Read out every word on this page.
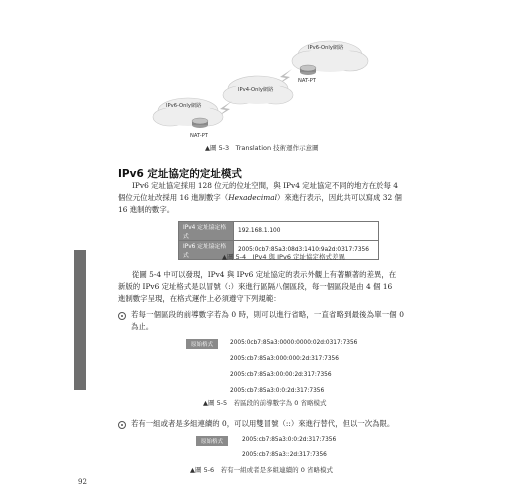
IPv6-Only網路
NAT-PT
IPv4-Only網路
IPv6-Only網路
NAT-PT
▲圖 5-3　Translation 技術運作示意圖
IPv6 定址協定的定址模式
IPv6 定址協定採用 128 位元的位址空間，與 IPv4 定址協定不同的地方在於每 4
個位元位址改採用 16 進制數字（Hexadecimal）來進行表示，因此共可以寫成 32 個
16 進制的數字。
IPv4 定址協定格式	192.168.1.100
IPv6 定址協定格式	2005:0cb7:85a3:08d3:1410:9a2d:0317:7356
▲圖 5-4　IPv4 與 IPv6 定址協定格式差異
從圖 5-4 中可以發現，IPv4 與 IPv6 定址協定的表示外觀上有著顯著的差異，在
新版的 IPv6 定址格式是以冒號（:）來進行區隔八個區段，每一個區段是由 4 個 16
進制數字呈現，在格式運作上必須遵守下列規範：
若每一個區段的前導數字若為 0 時，則可以進行省略，一直省略到最後為單一個 0 為止。
原始格式	2005:0cb7:85a3:0000:0000:02d:0317:7356
2005:cb7:85a3:000:000:2d:317:7356
2005:cb7:85a3:00:00:2d:317:7356
2005:cb7:85a3:0:0:2d:317:7356
▲圖 5-5　若區段的前導數字為 0 省略模式
若有一組或者是多組連續的 0，可以用雙冒號（::）來進行替代，但以一次為限。
原始格式	2005:cb7:85a3:0:0:2d:317:7356
2005:cb7:85a3::2d:317:7356
▲圖 5-6　若有一組或者是多組連續的 0 省略模式
92
